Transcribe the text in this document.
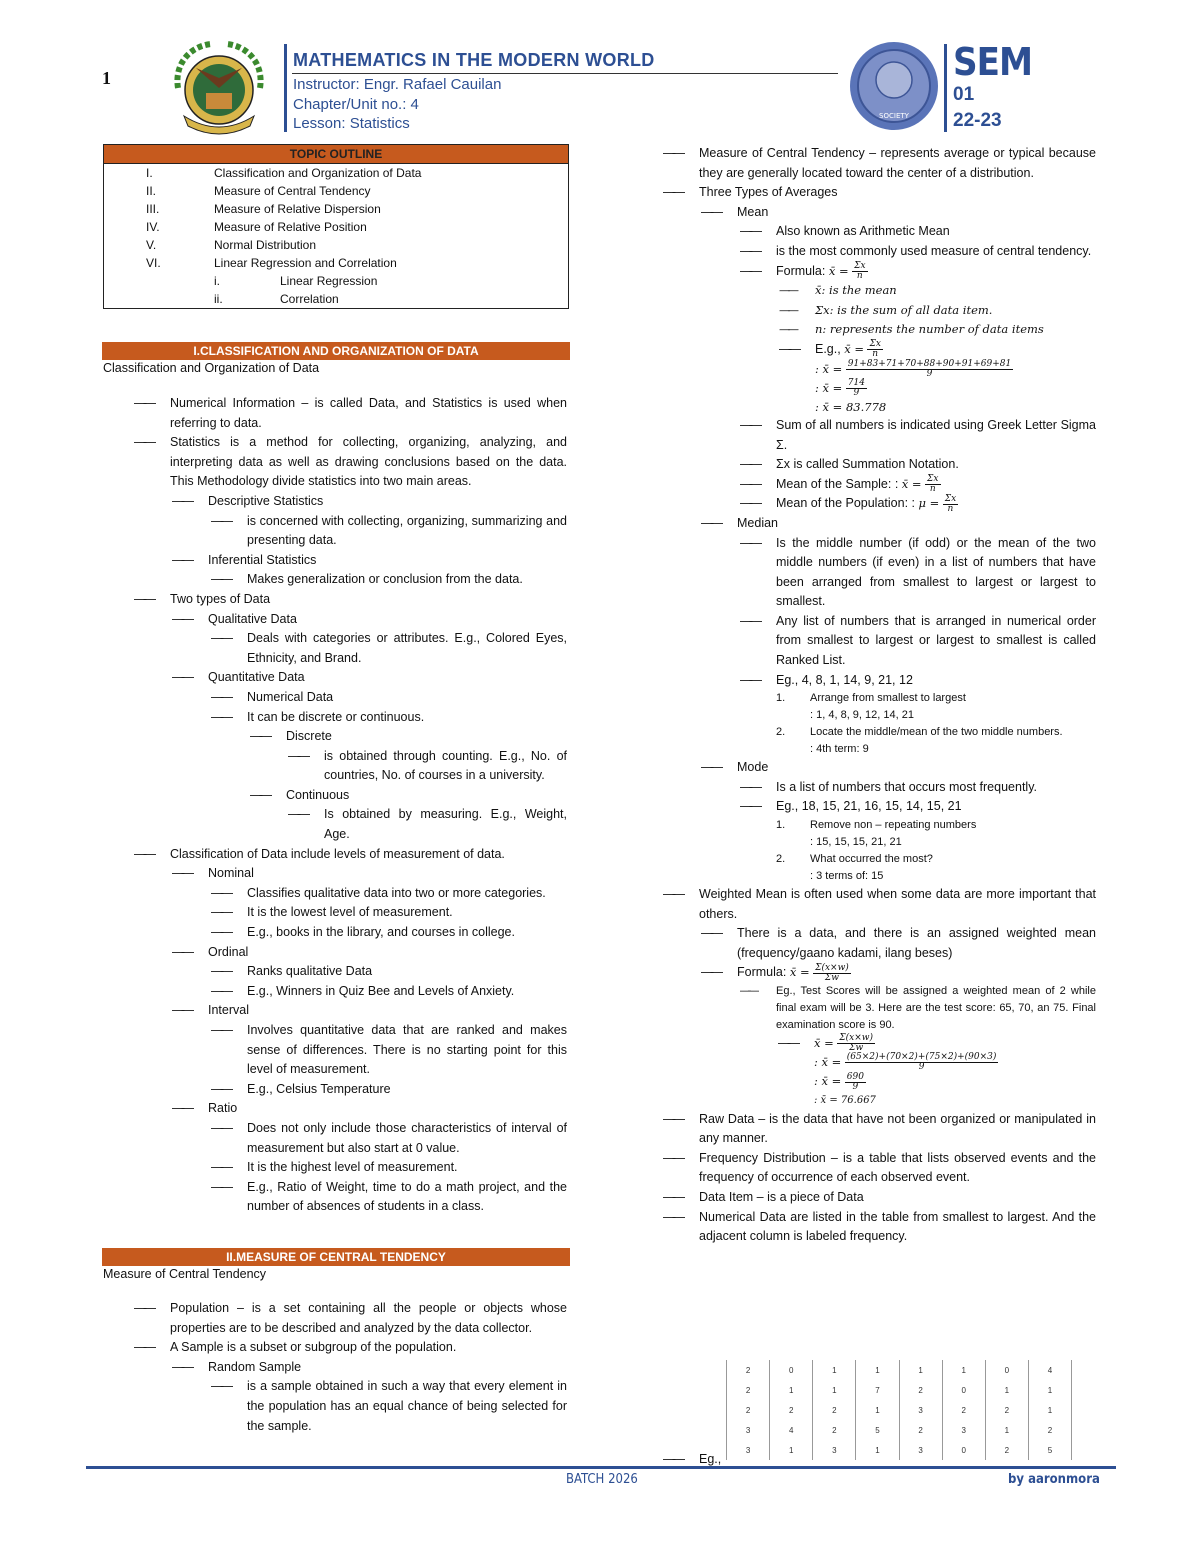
1
MATHEMATICS IN THE MODERN WORLD
Instructor: Engr. Rafael Cauilan
Chapter/Unit no.: 4
Lesson: Statistics	SOCIETY
SEM
01
22-23
TOPIC OUTLINE
I.	Classification and Organization of Data
II.	Measure of Central Tendency
III.	Measure of Relative Dispersion
IV.	Measure of Relative Position
V.	Normal Distribution
VI.	Linear Regression and Correlation
i.	Linear Regression
ii.	Correlation
I.CLASSIFICATION AND ORGANIZATION OF DATA
Classification and Organization of Data
—— Numerical Information – is called Data, and Statistics is used when referring to data.
—— Statistics is a method for collecting, organizing, analyzing, and interpreting data as well as drawing conclusions based on the data. This Methodology divide statistics into two main areas.
—— Descriptive Statistics
—— is concerned with collecting, organizing, summarizing and presenting data.
—— Inferential Statistics
—— Makes generalization or conclusion from the data.
—— Two types of Data
—— Qualitative Data
—— Deals with categories or attributes. E.g., Colored Eyes, Ethnicity, and Brand.
—— Quantitative Data
—— Numerical Data
—— It can be discrete or continuous.
—— Discrete
—— is obtained through counting. E.g., No. of countries, No. of courses in a university.
—— Continuous
—— Is obtained by measuring. E.g., Weight, Age.
—— Classification of Data include levels of measurement of data.
—— Nominal
—— Classifies qualitative data into two or more categories.
—— It is the lowest level of measurement.
—— E.g., books in the library, and courses in college.
—— Ordinal
—— Ranks qualitative Data
—— E.g., Winners in Quiz Bee and Levels of Anxiety.
—— Interval
—— Involves quantitative data that are ranked and makes sense of differences. There is no starting point for this level of measurement.
—— E.g., Celsius Temperature
—— Ratio
—— Does not only include those characteristics of interval of measurement but also start at 0 value.
—— It is the highest level of measurement.
—— E.g., Ratio of Weight, time to do a math project, and the number of absences of students in a class.
II.MEASURE OF CENTRAL TENDENCY
Measure of Central Tendency
—— Population – is a set containing all the people or objects whose properties are to be described and analyzed by the data collector.
—— A Sample is a subset or subgroup of the population.
—— Random Sample
—— is a sample obtained in such a way that every element in the population has an equal chance of being selected for the sample.
—— Measure of Central Tendency – represents average or typical because they are generally located toward the center of a distribution.
—— Three Types of Averages
—— Mean
—— Also known as Arithmetic Mean
—— is the most commonly used measure of central tendency.
—— Formula: x̄ = $\frac{\Sigma x}{n}$
—— x̄: is the mean
—— Σx: is the sum of all data item.
—— n: represents the number of data items
—— E.g., x̄ = $\frac{\Sigma x}{n}$
: x̄ = $\frac{91+83+71+70+88+90+91+69+81}{9}$
: x̄ = $\frac{714}{9}$
: x̄ = 83.778
—— Sum of all numbers is indicated using Greek Letter Sigma Σ.
—— Σx is called Summation Notation.
—— Mean of the Sample: : x̄ = $\frac{\Sigma x}{n}$
—— Mean of the Population: : $\mu = \frac{\Sigma x}{n}$
—— Median
—— Is the middle number (if odd) or the mean of the two middle numbers (if even) in a list of numbers that have been arranged from smallest to largest or largest to smallest.
—— Any list of numbers that is arranged in numerical order from smallest to largest or largest to smallest is called Ranked List.
—— Eg., 4, 8, 1, 14, 9, 21, 12
1. Arrange from smallest to largest
: 1, 4, 8, 9, 12, 14, 21
2. Locate the middle/mean of the two middle numbers.
: 4th term: 9
—— Mode
—— Is a list of numbers that occurs most frequently.
—— Eg., 18, 15, 21, 16, 15, 14, 15, 21
1. Remove non – repeating numbers
: 15, 15, 15, 21, 21
2. What occurred the most?
: 3 terms of: 15
—— Weighted Mean is often used when some data are more important that others.
—— There is a data, and there is an assigned weighted mean (frequency/gaano kadami, ilang beses)
—— Formula: x̄ = $\frac{\Sigma(x\times w)}{\Sigma w}$
—— Eg., Test Scores will be assigned a weighted mean of 2 while final exam will be 3. Here are the test score: 65, 70, an 75. Final examination score is 90.
—— x̄ = $\frac{\Sigma(x\times w)}{\Sigma w}$
: x̄ = $\frac{(65\times 2)+(70\times 2)+(75\times 2)+(90\times 3)}{9}$
: x̄ = $\frac{690}{9}$
: x̄ = 76.667
—— Raw Data – is the data that have not been organized or manipulated in any manner.
—— Frequency Distribution – is a table that lists observed events and the frequency of occurrence of each observed event.
—— Data Item – is a piece of Data
—— Numerical Data are listed in the table from smallest to largest. And the adjacent column is labeled frequency.
2	0	1	1	1	1	0	4
2	1	1	7	2	0	1	1
2	2	2	1	3	2	2	1
3	4	2	5	2	3	1	2
3	1	3	1	3	0	2	5
—— Eg.,
BATCH 2026	by aaronmora
